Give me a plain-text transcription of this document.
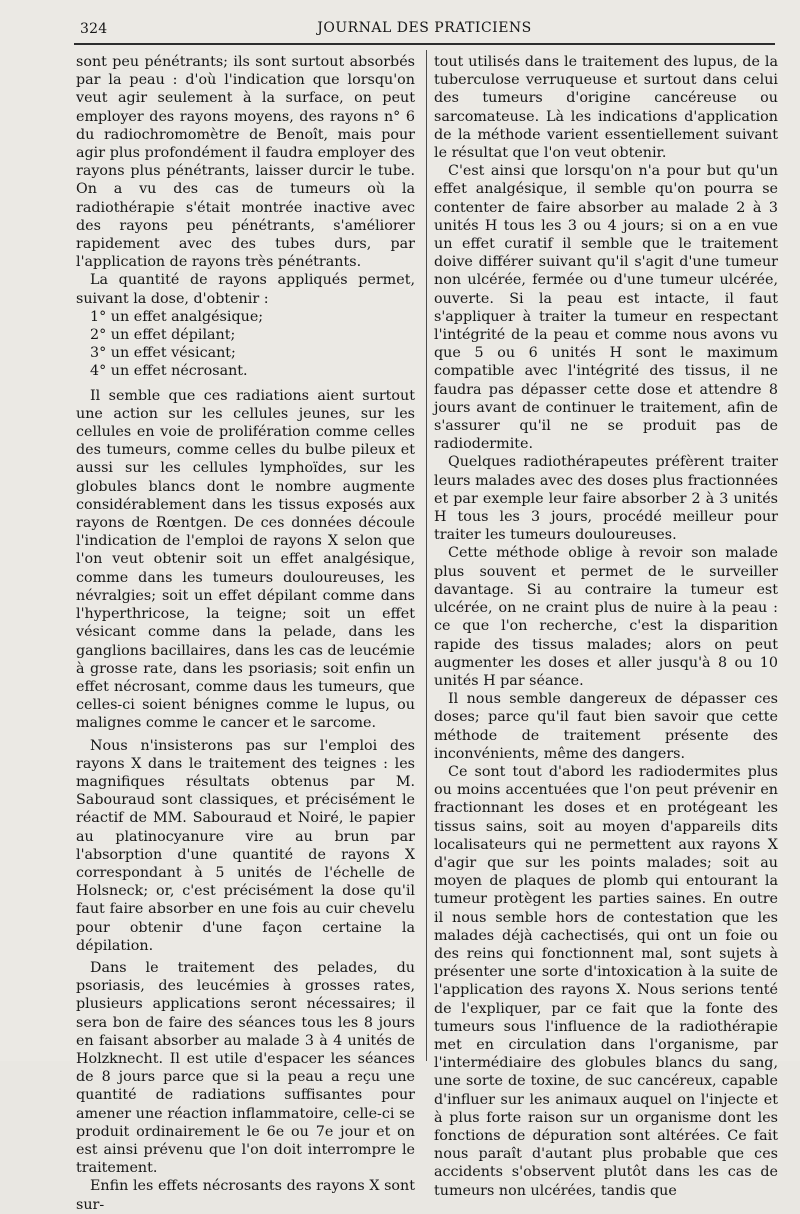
324	JOURNAL DES PRATICIENS

sont peu pénétrants; ils sont surtout absorbés par la peau : d'où l'indication que lorsqu'on veut agir seulement à la surface, on peut employer des rayons moyens, des rayons n° 6 du radiochromomètre de Benoît, mais pour agir plus profondément il faudra employer des rayons plus pénétrants, laisser durcir le tube. On a vu des cas de tumeurs où la radiothérapie s'était montrée inactive avec des rayons peu pénétrants, s'améliorer rapidement avec des tubes durs, par l'application de rayons très pénétrants.

La quantité de rayons appliqués permet, suivant la dose, d'obtenir :

1° un effet analgésique;
2° un effet dépilant;
3° un effet vésicant;
4° un effet nécrosant.

Il semble que ces radiations aient surtout une action sur les cellules jeunes, sur les cellules en voie de prolifération comme celles des tumeurs, comme celles du bulbe pileux et aussi sur les cellules lymphoïdes, sur les globules blancs dont le nombre augmente considérablement dans les tissus exposés aux rayons de Rœntgen. De ces données découle l'indication de l'emploi de rayons X selon que l'on veut obtenir soit un effet analgésique, comme dans les tumeurs douloureuses, les névralgies; soit un effet dépilant comme dans l'hyperthricose, la teigne; soit un effet vésicant comme dans la pelade, dans les ganglions bacillaires, dans les cas de leucémie à grosse rate, dans les psoriasis; soit enfin un effet nécrosant, comme daus les tumeurs, que celles-ci soient bénignes comme le lupus, ou malignes comme le cancer et le sarcome.

Nous n'insisterons pas sur l'emploi des rayons X dans le traitement des teignes : les magnifiques résultats obtenus par M. Sabouraud sont classiques, et précisément le réactif de MM. Sabouraud et Noiré, le papier au platinocyanure vire au brun par l'absorption d'une quantité de rayons X correspondant à 5 unités de l'échelle de Holsneck; or, c'est précisément la dose qu'il faut faire absorber en une fois au cuir chevelu pour obtenir d'une façon certaine la dépilation.

Dans le traitement des pelades, du psoriasis, des leucémies à grosses rates, plusieurs applications seront nécessaires; il sera bon de faire des séances tous les 8 jours en faisant absorber au malade 3 à 4 unités de Holzknecht. Il est utile d'espacer les séances de 8 jours parce que si la peau a reçu une quantité de radiations suffisantes pour amener une réaction inflammatoire, celle-ci se produit ordinairement le 6e ou 7e jour et on est ainsi prévenu que l'on doit interrompre le traitement.

Enfin les effets nécrosants des rayons X sont sur-

tout utilisés dans le traitement des lupus, de la tuberculose verruqueuse et surtout dans celui des tumeurs d'origine cancéreuse ou sarcomateuse. Là les indications d'application de la méthode varient essentiellement suivant le résultat que l'on veut obtenir.

C'est ainsi que lorsqu'on n'a pour but qu'un effet analgésique, il semble qu'on pourra se contenter de faire absorber au malade 2 à 3 unités H tous les 3 ou 4 jours; si on a en vue un effet curatif il semble que le traitement doive différer suivant qu'il s'agit d'une tumeur non ulcérée, fermée ou d'une tumeur ulcérée, ouverte. Si la peau est intacte, il faut s'appliquer à traiter la tumeur en respectant l'intégrité de la peau et comme nous avons vu que 5 ou 6 unités H sont le maximum compatible avec l'intégrité des tissus, il ne faudra pas dépasser cette dose et attendre 8 jours avant de continuer le traitement, afin de s'assurer qu'il ne se produit pas de radiodermite.

Quelques radiothérapeutes préfèrent traiter leurs malades avec des doses plus fractionnées et par exemple leur faire absorber 2 à 3 unités H tous les 3 jours, procédé meilleur pour traiter les tumeurs douloureuses.

Cette méthode oblige à revoir son malade plus souvent et permet de le surveiller davantage. Si au contraire la tumeur est ulcérée, on ne craint plus de nuire à la peau : ce que l'on recherche, c'est la disparition rapide des tissus malades; alors on peut augmenter les doses et aller jusqu'à 8 ou 10 unités H par séance.

Il nous semble dangereux de dépasser ces doses; parce qu'il faut bien savoir que cette méthode de traitement présente des inconvénients, même des dangers.

Ce sont tout d'abord les radiodermites plus ou moins accentuées que l'on peut prévenir en fractionnant les doses et en protégeant les tissus sains, soit au moyen d'appareils dits localisateurs qui ne permettent aux rayons X d'agir que sur les points malades; soit au moyen de plaques de plomb qui entourant la tumeur protègent les parties saines. En outre il nous semble hors de contestation que les malades déjà cachectisés, qui ont un foie ou des reins qui fonctionnent mal, sont sujets à présenter une sorte d'intoxication à la suite de l'application des rayons X. Nous serions tenté de l'expliquer, par ce fait que la fonte des tumeurs sous l'influence de la radiothérapie met en circulation dans l'organisme, par l'intermédiaire des globules blancs du sang, une sorte de toxine, de suc cancéreux, capable d'influer sur les animaux auquel on l'injecte et à plus forte raison sur un organisme dont les fonctions de dépuration sont altérées. Ce fait nous paraît d'autant plus probable que ces accidents s'observent plutôt dans les cas de tumeurs non ulcérées, tandis que
